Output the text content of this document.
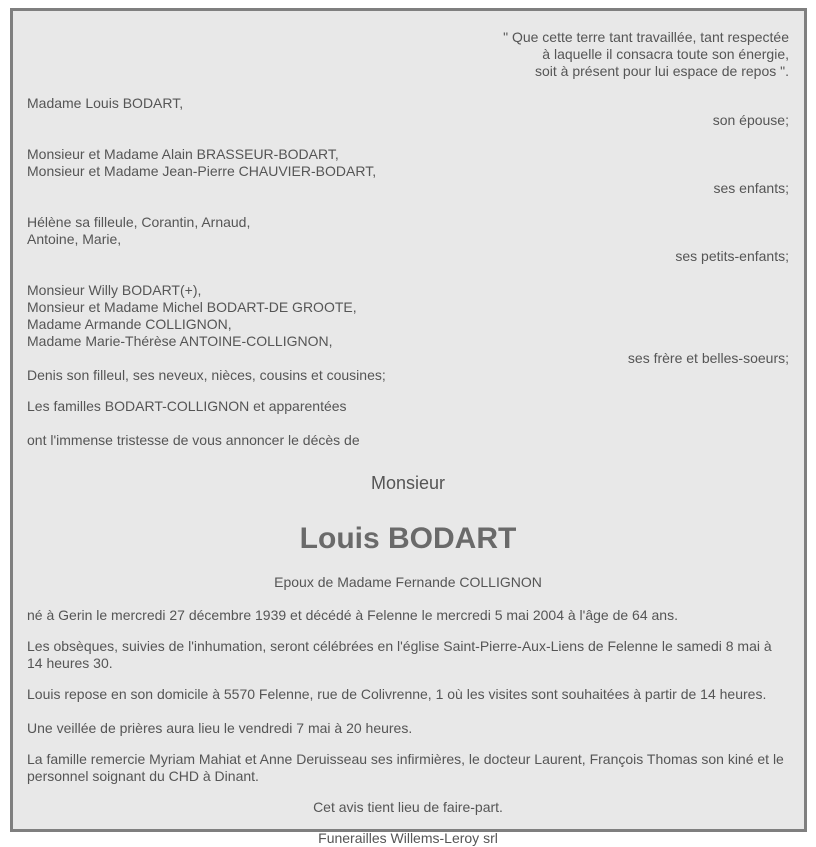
" Que cette terre tant travaillée, tant respectée
à laquelle il consacra toute son énergie,
soit à présent pour lui espace de repos ".
Madame Louis BODART,
son épouse;
Monsieur et Madame Alain BRASSEUR-BODART,
Monsieur et Madame Jean-Pierre CHAUVIER-BODART,
ses enfants;
Hélène sa filleule, Corantin, Arnaud,
Antoine, Marie,
ses petits-enfants;
Monsieur Willy BODART(+),
Monsieur et Madame Michel BODART-DE GROOTE,
Madame Armande COLLIGNON,
Madame Marie-Thérèse ANTOINE-COLLIGNON,
ses frère et belles-soeurs;
Denis son filleul, ses neveux, nièces, cousins et cousines;
Les familles BODART-COLLIGNON et apparentées
ont l'immense tristesse de vous annoncer le décès de
Monsieur
Louis BODART
Epoux de Madame Fernande COLLIGNON
né à Gerin le mercredi 27 décembre 1939 et décédé à Felenne le mercredi 5 mai 2004 à l'âge de 64 ans.
Les obsèques, suivies de l'inhumation, seront célébrées en l'église Saint-Pierre-Aux-Liens de Felenne le samedi 8 mai à 14 heures 30.
Louis repose en son domicile à 5570 Felenne, rue de Colivrenne, 1 où les visites sont souhaitées à partir de 14 heures.
Une veillée de prières aura lieu le vendredi 7 mai à 20 heures.
La famille remercie Myriam Mahiat et Anne Deruisseau ses infirmières, le docteur Laurent, François Thomas son kiné et le personnel soignant du CHD à Dinant.
Cet avis tient lieu de faire-part.
Funerailles Willems-Leroy srl
